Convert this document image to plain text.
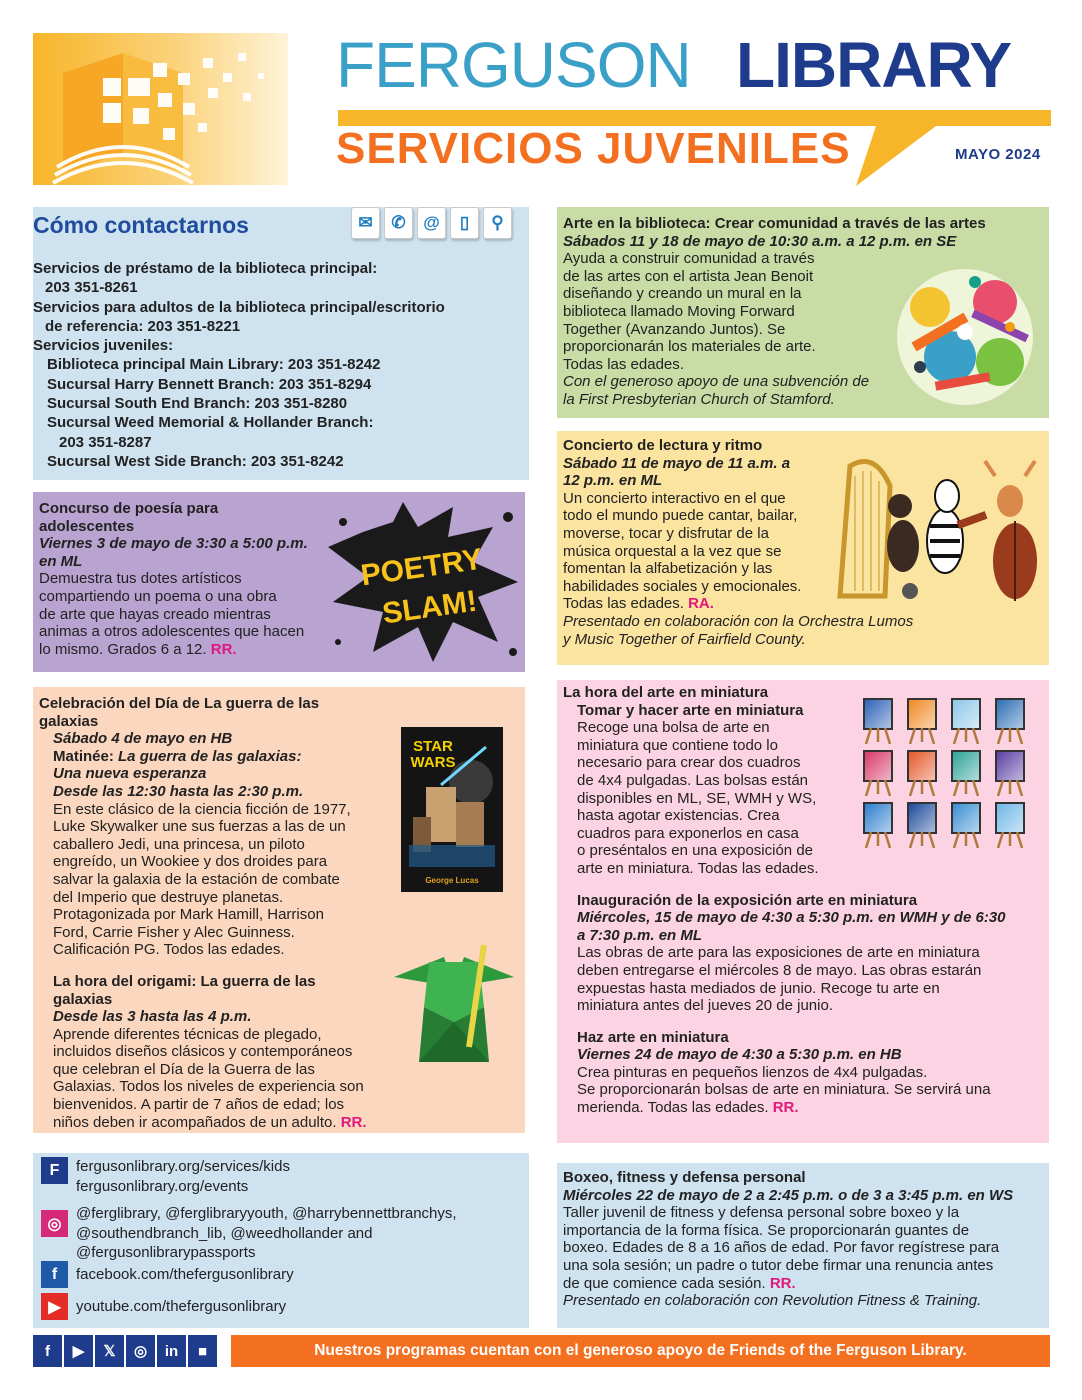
FERGUSON LIBRARY
SERVICIOS JUVENILES	MAYO 2024
Cómo contactarnos	✉	✆	@	▯	⚲
Servicios de préstamo de la biblioteca principal:
203 351-8261
Servicios para adultos de la biblioteca principal/escritorio
de referencia: 203 351-8221
Servicios juveniles:
Biblioteca principal Main Library: 203 351-8242
Sucursal Harry Bennett Branch: 203 351-8294
Sucursal South End Branch: 203 351-8280
Sucursal Weed Memorial & Hollander Branch:
203 351-8287
Sucursal West Side Branch: 203 351-8242
Concurso de poesía para
adolescentes
Viernes 3 de mayo de 3:30 a 5:00 p.m.
en ML
Demuestra tus dotes artísticos
compartiendo un poema o una obra
de arte que hayas creado mientras
animas a otros adolescentes que hacen
lo mismo. Grados 6 a 12. RR.
POETRY
SLAM!
Celebración del Día de La guerra de las galaxias
Sábado 4 de mayo en HB
Matinée: La guerra de las galaxias:
Una nueva esperanza
Desde las 12:30 hasta las 2:30 p.m.
En este clásico de la ciencia ficción de 1977,
Luke Skywalker une sus fuerzas a las de un
caballero Jedi, una princesa, un piloto
engreído, un Wookiee y dos droides para
salvar la galaxia de la estación de combate
del Imperio que destruye planetas.
Protagonizada por Mark Hamill, Harrison
Ford, Carrie Fisher y Alec Guinness.
Calificación PG. Todos las edades.
La hora del origami: La guerra de las
galaxias
Desde las 3 hasta las 4 p.m.
Aprende diferentes técnicas de plegado,
incluidos diseños clásicos y contemporáneos
que celebran el Día de la Guerra de las
Galaxias. Todos los niveles de experiencia son
bienvenidos. A partir de 7 años de edad; los
niños deben ir acompañados de un adulto. RR.
STAR
WARS
George Lucas
Arte en la biblioteca: Crear comunidad a través de las artes
Sábados 11 y 18 de mayo de 10:30 a.m. a 12 p.m. en SE
Ayuda a construir comunidad a través
de las artes con el artista Jean Benoit
diseñando y creando un mural en la
biblioteca llamado Moving Forward
Together (Avanzando Juntos). Se
proporcionarán los materiales de arte.
Todas las edades.
Con el generoso apoyo de una subvención de
la First Presbyterian Church of Stamford.
Concierto de lectura y ritmo
Sábado 11 de mayo de 11 a.m. a
12 p.m. en ML
Un concierto interactivo en el que
todo el mundo puede cantar, bailar,
moverse, tocar y disfrutar de la
música orquestal a la vez que se
fomentan la alfabetización y las
habilidades sociales y emocionales.
Todas las edades. RA.
Presentado en colaboración con la Orchestra Lumos
y Music Together of Fairfield County.
La hora del arte en miniatura
Tomar y hacer arte en miniatura
Recoge una bolsa de arte en
miniatura que contiene todo lo
necesario para crear dos cuadros
de 4x4 pulgadas. Las bolsas están
disponibles en ML, SE, WMH y WS,
hasta agotar existencias. Crea
cuadros para exponerlos en casa
o preséntalos en una exposición de
arte en miniatura. Todas las edades.
Inauguración de la exposición arte en miniatura
Miércoles, 15 de mayo de 4:30 a 5:30 p.m. en WMH y de 6:30
a 7:30 p.m. en ML
Las obras de arte para las exposiciones de arte en miniatura
deben entregarse el miércoles 8 de mayo. Las obras estarán
expuestas hasta mediados de junio. Recoge tu arte en
miniatura antes del jueves 20 de junio.
Haz arte en miniatura
Viernes 24 de mayo de 4:30 a 5:30 p.m. en HB
Crea pinturas en pequeños lienzos de 4x4 pulgadas.
Se proporcionarán bolsas de arte en miniatura. Se servirá una
merienda. Todas las edades. RR.
F	fergusonlibrary.org/services/kids
fergusonlibrary.org/events
◎
@ferglibrary, @ferglibraryyouth, @harrybennettbranchys,
@southendbranch_lib, @weedhollander and
@fergusonlibrarypassports
f	facebook.com/thefergusonlibrary
▶	youtube.com/thefergusonlibrary
Boxeo, fitness y defensa personal
Miércoles 22 de mayo de 2 a 2:45 p.m. o de 3 a 3:45 p.m. en WS
Taller juvenil de fitness y defensa personal sobre boxeo y la
importancia de la forma física. Se proporcionarán guantes de
boxeo. Edades de 8 a 16 años de edad. Por favor regístrese para
una sola sesión; un padre o tutor debe firmar una renuncia antes
de que comience cada sesión. RR.
Presentado en colaboración con Revolution Fitness & Training.
f	▶	𝕏	◎	in	■	Nuestros programas cuentan con el generoso apoyo de Friends of the Ferguson Library.
